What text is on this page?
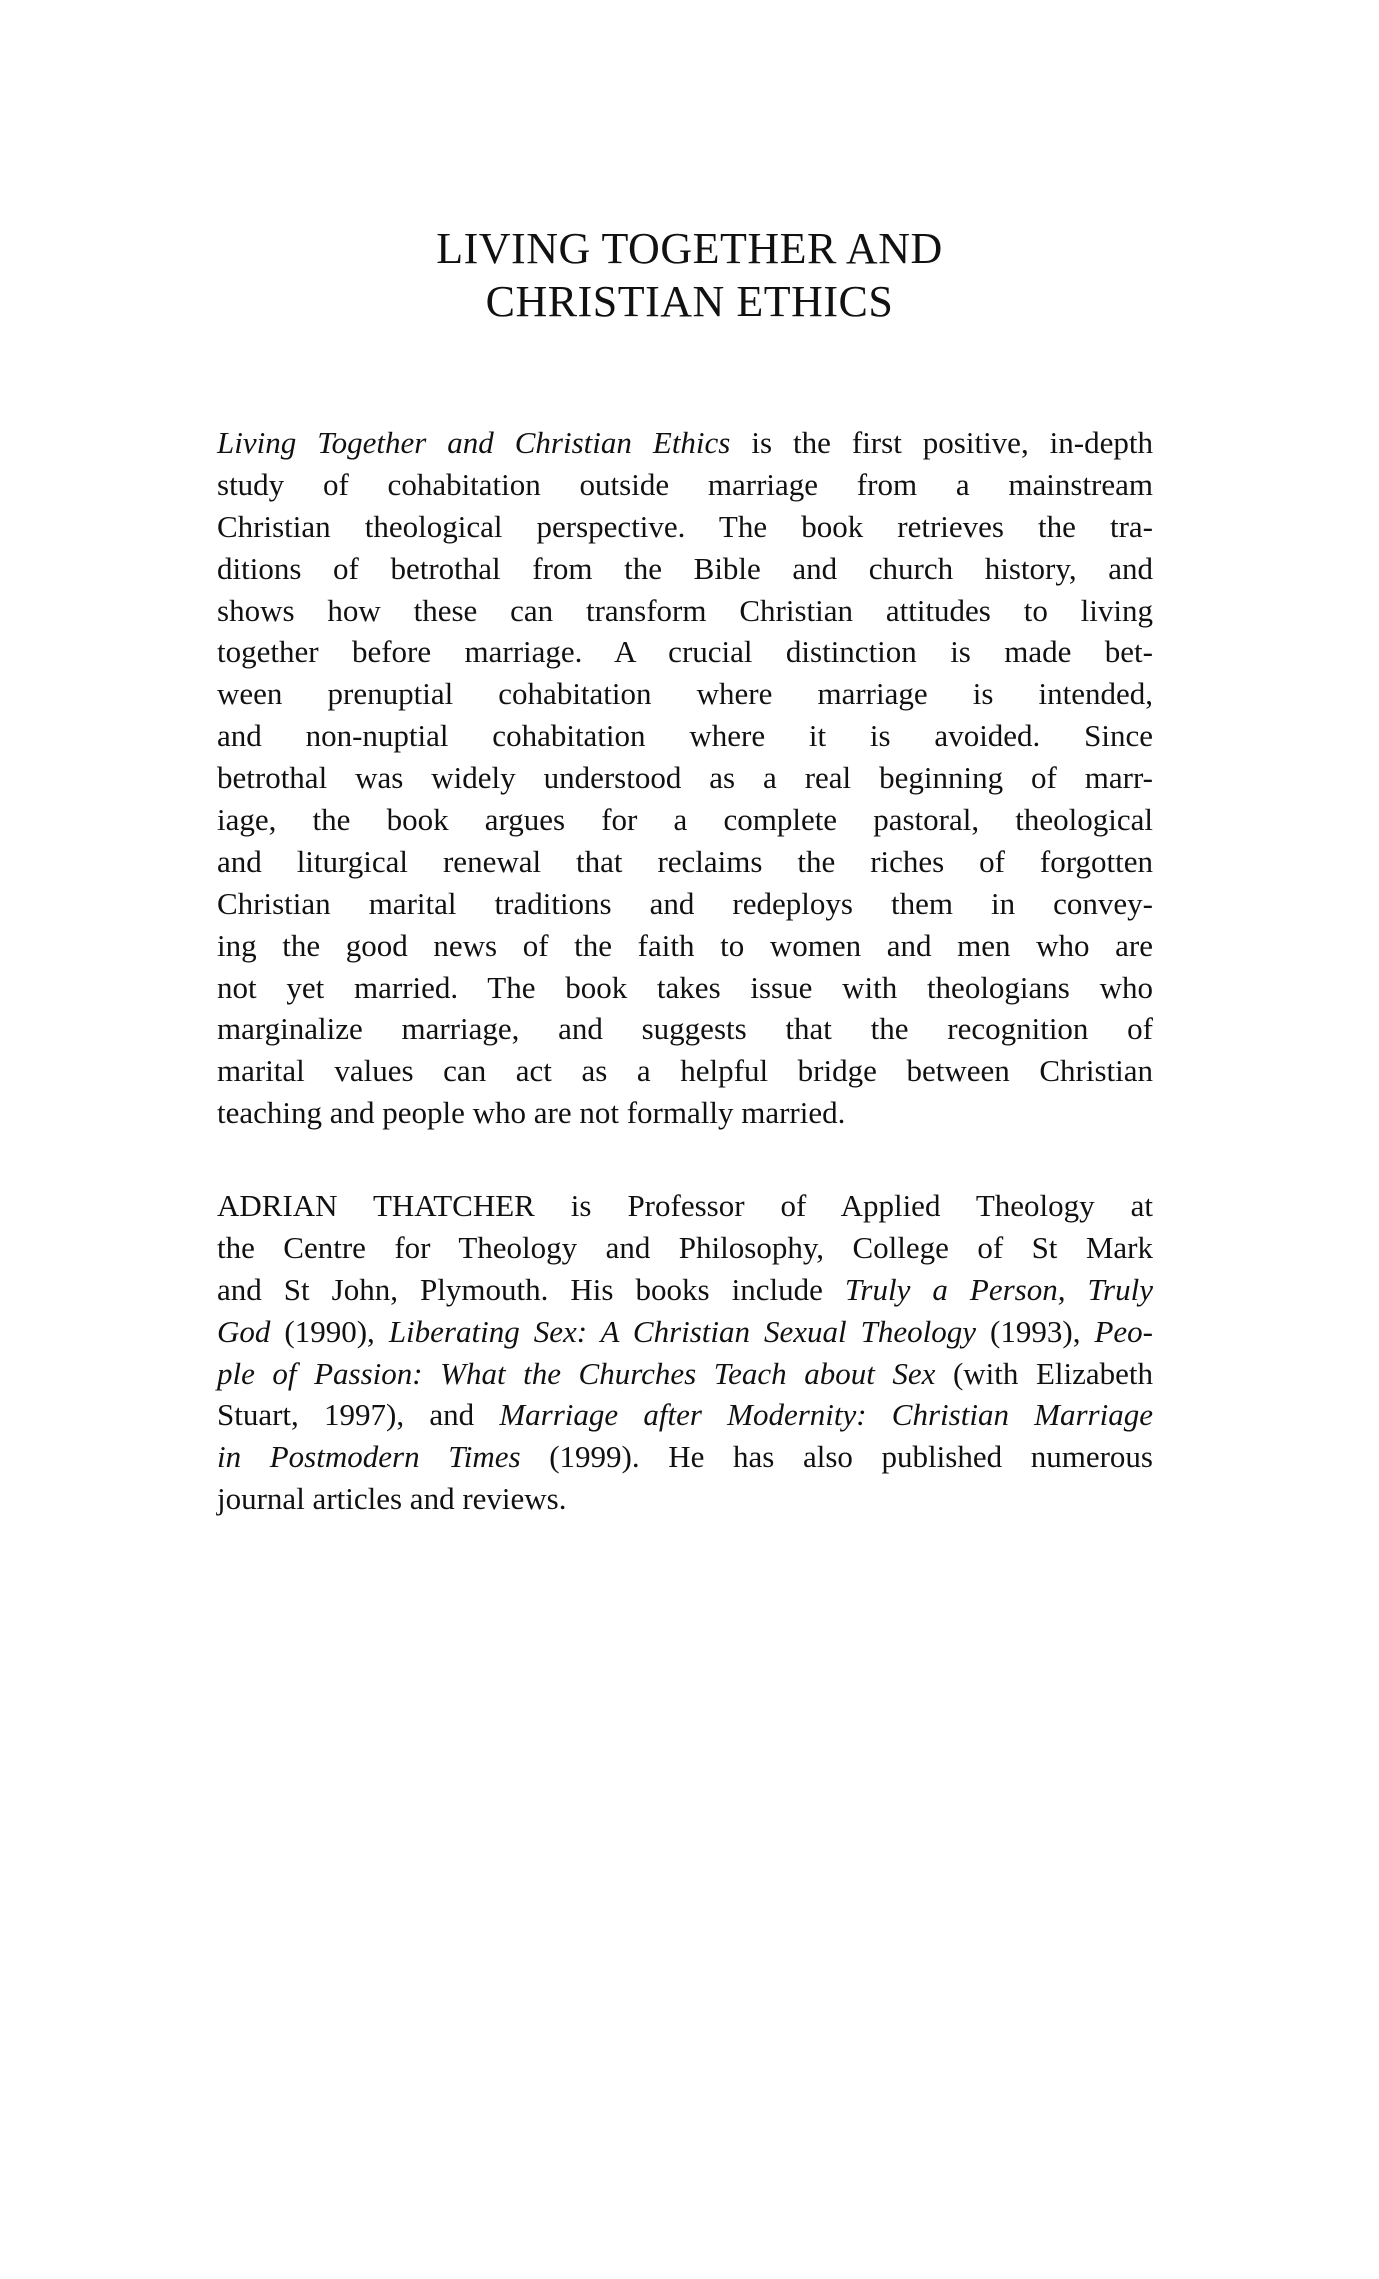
LIVING TOGETHER AND
CHRISTIAN ETHICS
Living Together and Christian Ethics is the first positive, in-depth
study of cohabitation outside marriage from a mainstream
Christian theological perspective. The book retrieves the tra-
ditions of betrothal from the Bible and church history, and
shows how these can transform Christian attitudes to living
together before marriage. A crucial distinction is made bet-
ween prenuptial cohabitation where marriage is intended,
and non-nuptial cohabitation where it is avoided. Since
betrothal was widely understood as a real beginning of marr-
iage, the book argues for a complete pastoral, theological
and liturgical renewal that reclaims the riches of forgotten
Christian marital traditions and redeploys them in convey-
ing the good news of the faith to women and men who are
not yet married. The book takes issue with theologians who
marginalize marriage, and suggests that the recognition of
marital values can act as a helpful bridge between Christian
teaching and people who are not formally married.
ADRIAN THATCHER is Professor of Applied Theology at
the Centre for Theology and Philosophy, College of St Mark
and St John, Plymouth. His books include Truly a Person, Truly
God (1990), Liberating Sex: A Christian Sexual Theology (1993), Peo-
ple of Passion: What the Churches Teach about Sex (with Elizabeth
Stuart, 1997), and Marriage after Modernity: Christian Marriage
in Postmodern Times (1999). He has also published numerous
journal articles and reviews.
